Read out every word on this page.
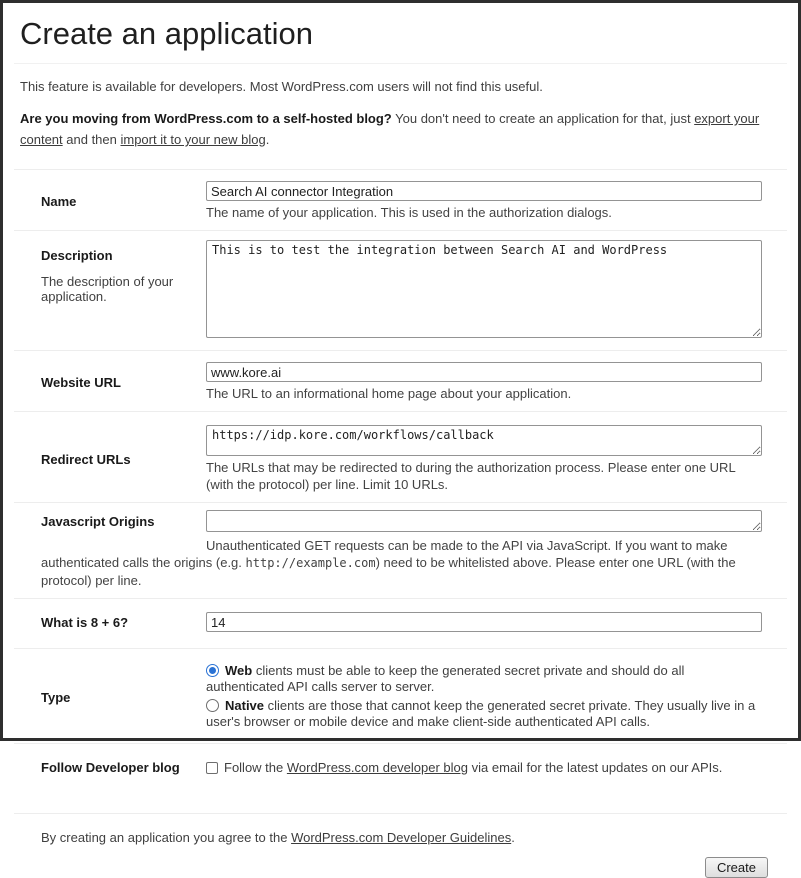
Create an application

This feature is available for developers. Most WordPress.com users will not find this useful.

Are you moving from WordPress.com to a self-hosted blog? You don't need to create an application for that, just export your content and then import it to your new blog.

Name
Search AI connector Integration

The name of your application. This is used in the authorization dialogs.

Description

The description of your application.

This is to test the integration between Search AI and WordPress
Website URL
www.kore.ai

The URL to an informational home page about your application.

Redirect URLs
https://idp.kore.com/workflows/callback

The URLs that may be redirected to during the authorization process. Please enter one URL (with the protocol) per line. Limit 10 URLs.

Javascript Origins

Unauthenticated GET requests can be made to the API via JavaScript. If you want to make authenticated calls the origins (e.g. http://example.com) need to be whitelisted above. Please enter one URL (with the protocol) per line.

What is 8 + 6?
14
Type
Web clients must be able to keep the generated secret private and should do all authenticated API calls server to server.
Native clients are those that cannot keep the generated secret private. They usually live in a user's browser or mobile device and make client-side authenticated API calls.
Follow Developer blog	Follow the WordPress.com developer blog via email for the latest updates on our APIs.

By creating an application you agree to the WordPress.com Developer Guidelines.

Create
